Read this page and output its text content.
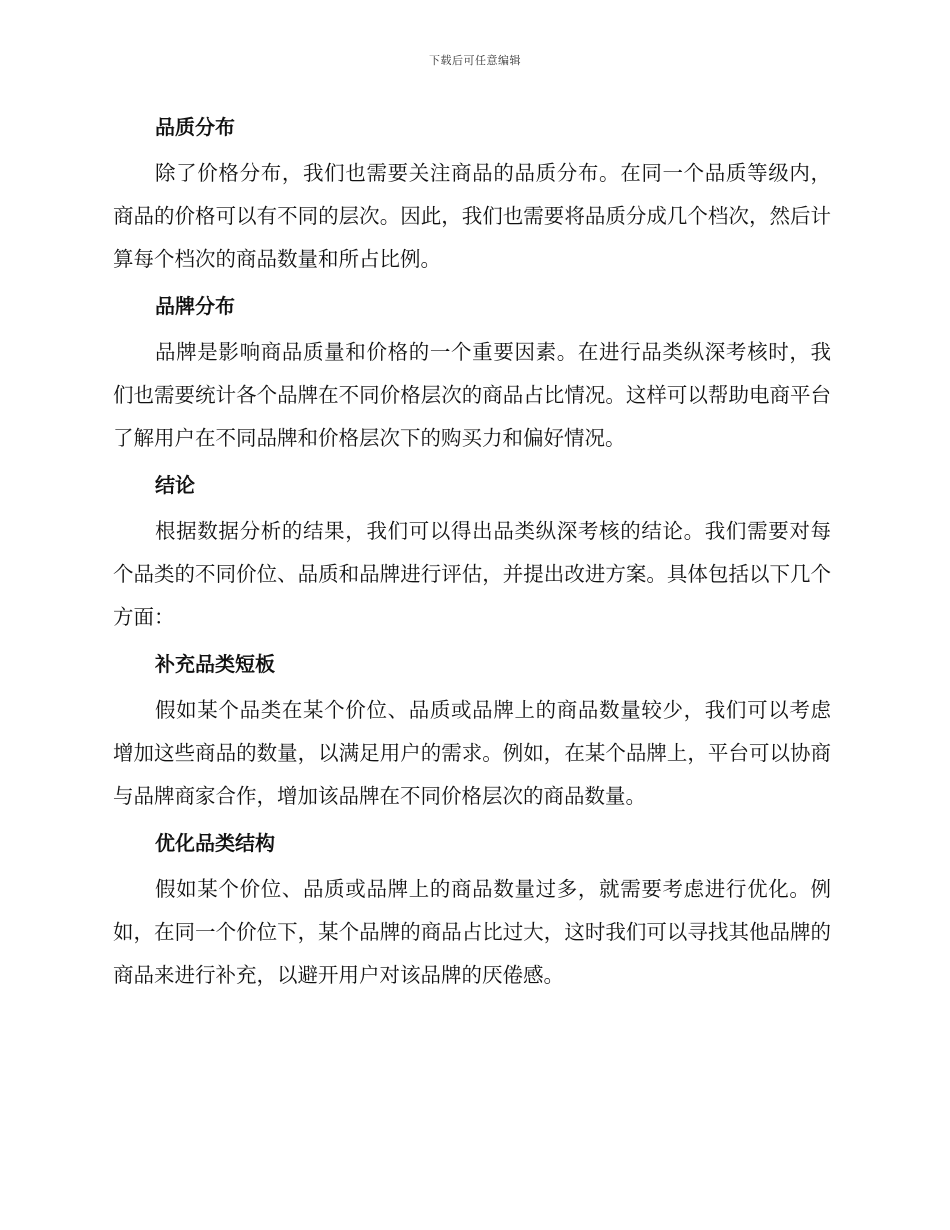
下载后可任意编辑
品质分布

除了价格分布，我们也需要关注商品的品质分布。在同一个品质等级内，商品的价格可以有不同的层次。因此，我们也需要将品质分成几个档次，然后计算每个档次的商品数量和所占比例。

品牌分布

品牌是影响商品质量和价格的一个重要因素。在进行品类纵深考核时，我们也需要统计各个品牌在不同价格层次的商品占比情况。这样可以帮助电商平台了解用户在不同品牌和价格层次下的购买力和偏好情况。

结论

根据数据分析的结果，我们可以得出品类纵深考核的结论。我们需要对每个品类的不同价位、品质和品牌进行评估，并提出改进方案。具体包括以下几个方面：

补充品类短板

假如某个品类在某个价位、品质或品牌上的商品数量较少，我们可以考虑增加这些商品的数量，以满足用户的需求。例如，在某个品牌上，平台可以协商与品牌商家合作，增加该品牌在不同价格层次的商品数量。

优化品类结构

假如某个价位、品质或品牌上的商品数量过多，就需要考虑进行优化。例如，在同一个价位下，某个品牌的商品占比过大，这时我们可以寻找其他品牌的商品来进行补充，以避开用户对该品牌的厌倦感。
